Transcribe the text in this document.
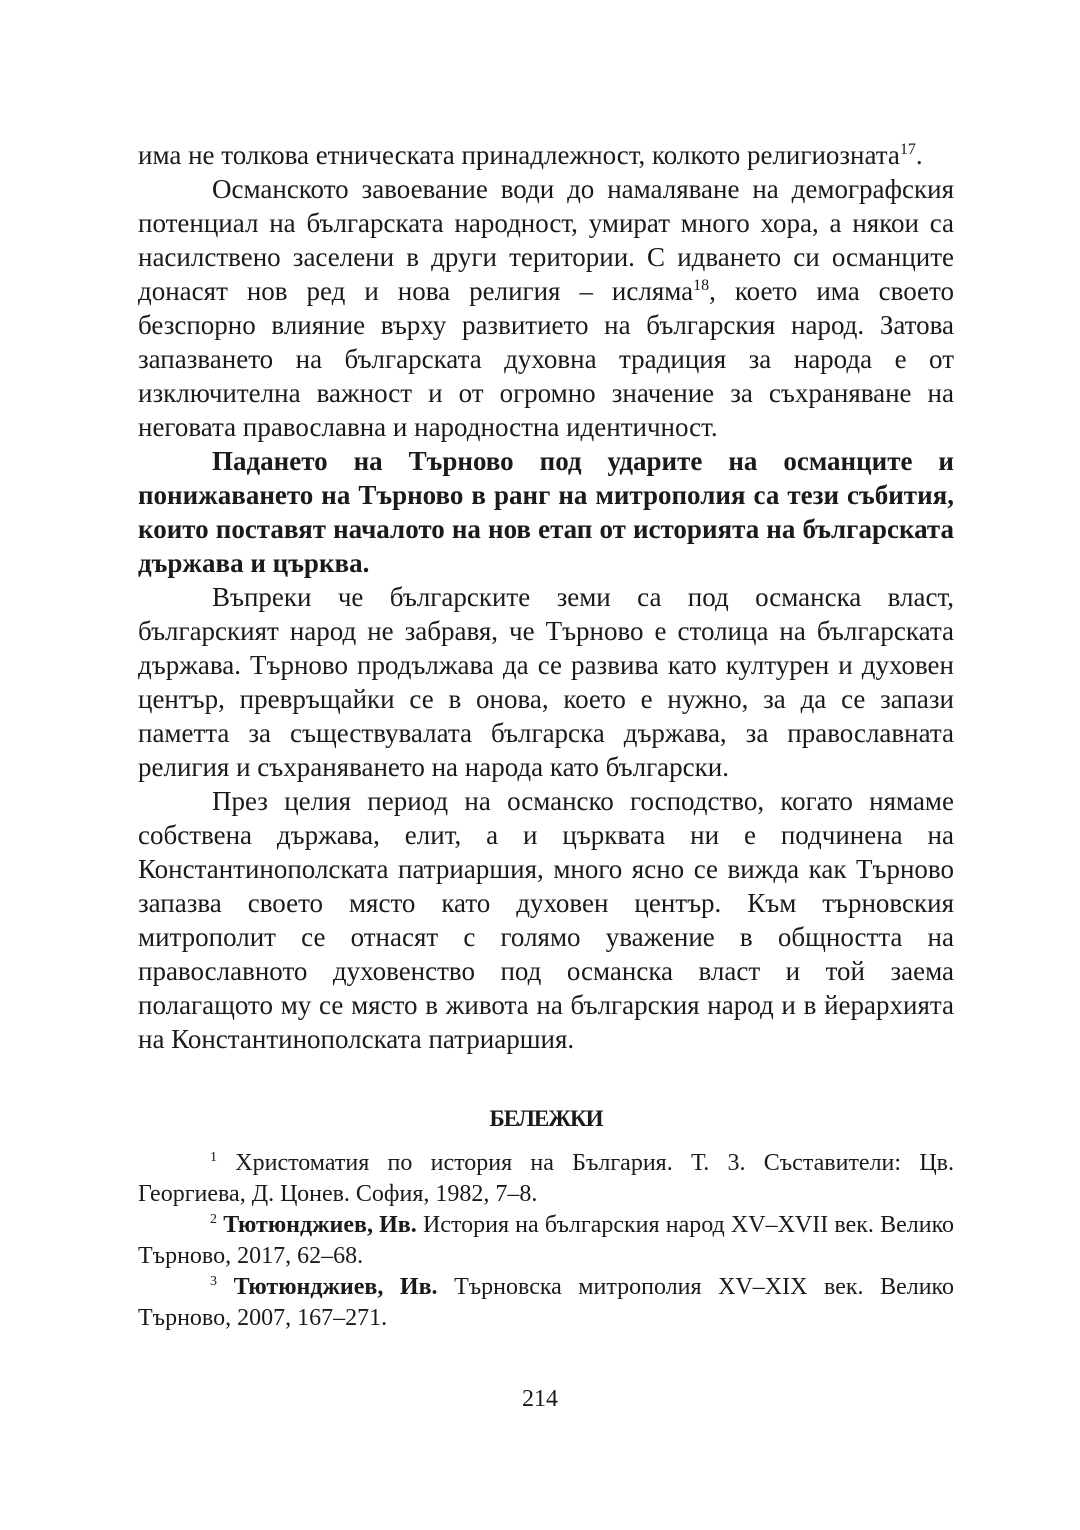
има не толкова етническата принадлежност, колкото религиозната$^{17}$.

Османското завоевание води до намаляване на демографския потенциал на българската народност, умират много хора, а някои са насилствено заселени в други територии. С идването си османците донасят нов ред и нова религия – исляма$^{18}$, което има своето безспорно влияние върху развитието на българския народ. Затова запазването на българската духовна традиция за народа е от изключителна важност и от огромно значение за съхраняване на неговата православна и народностна идентичност.

Падането на Търново под ударите на османците и понижаването на Търново в ранг на митрополия са тези събития, които поставят началото на нов етап от историята на българската държава и църква.

Въпреки че българските земи са под османска власт, българският народ не забравя, че Търново е столица на българската държава. Търново продължава да се развива като културен и духовен център, превръщайки се в онова, което е нужно, за да се запази паметта за съществувалата българска държава, за православната религия и съхраняването на народа като български.

През целия период на османско господство, когато нямаме собствена държава, елит, а и църквата ни е подчинена на Константинополската патриаршия, много ясно се вижда как Търново запазва своето място като духовен център. Към търновския митрополит се отнасят с голямо уважение в общността на православното духовенство под османска власт и той заема полагащото му се място в живота на българския народ и в йерархията на Константинополската патриаршия.

БЕЛЕЖКИ

$^1$ Христоматия по история на България. Т. 3. Съставители: Цв. Георгиева, Д. Цонев. София, 1982, 7–8.

$^2$ Тютюнджиев, Ив. История на българския народ XV–XVII век. Велико Търново, 2017, 62–68.

$^3$ Тютюнджиев, Ив. Търновска митрополия XV–XIX век. Велико Търново, 2007, 167–271.

214
